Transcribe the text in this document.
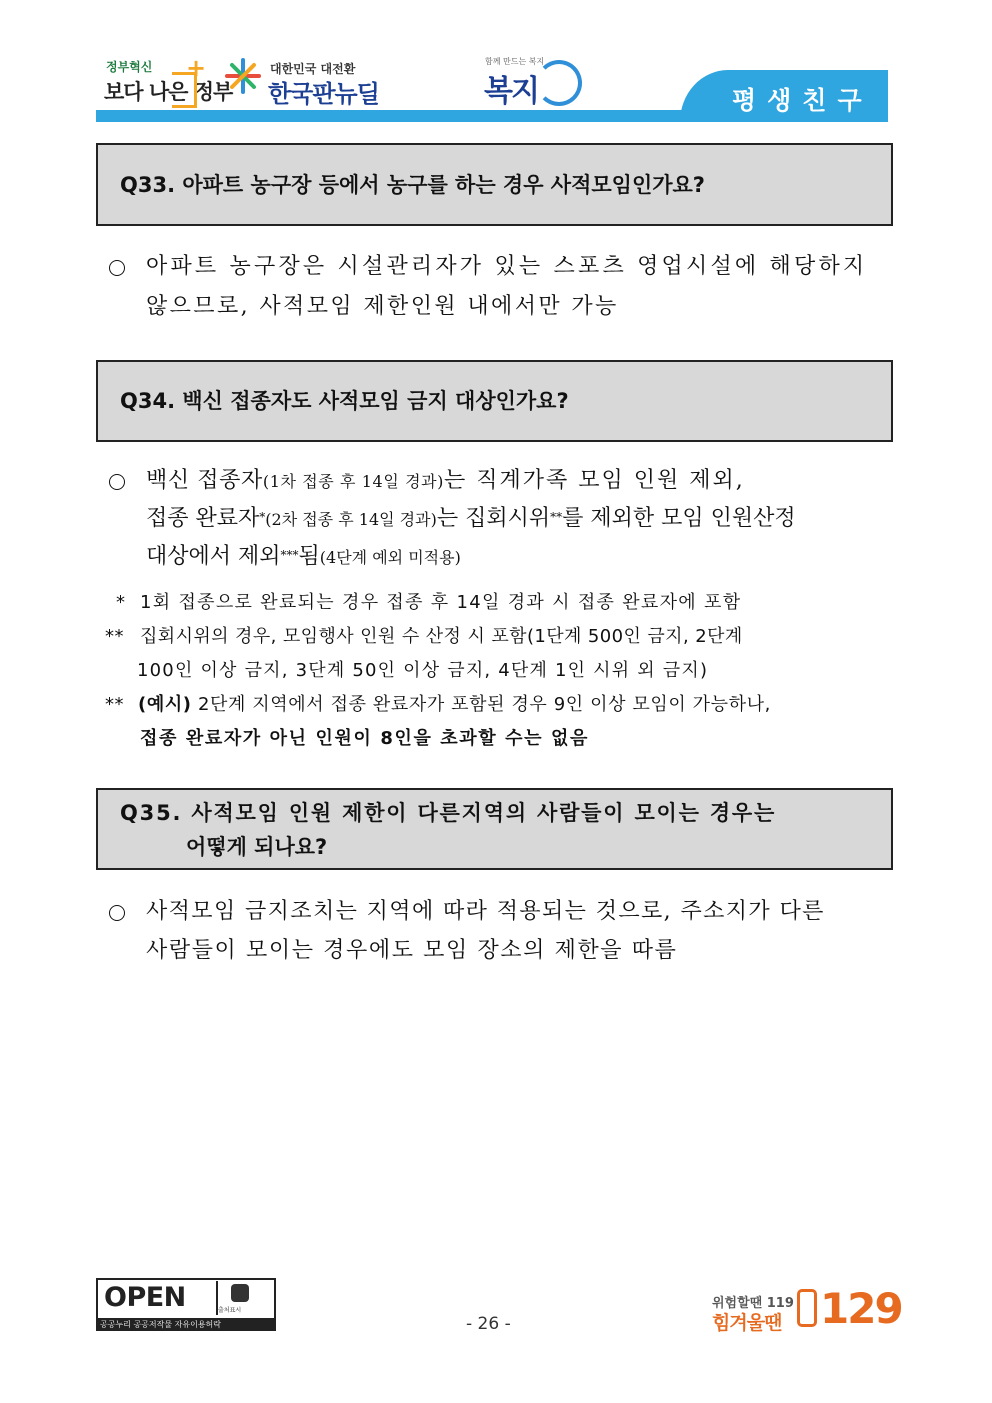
정부혁신
보다 나은 정부
+	대한민국 대전환
한국판뉴딜
함께 만드는 복지
복지	평생친구
Q33. 아파트 농구장 등에서 농구를 하는 경우 사적모임인가요?
아파트 농구장은 시설관리자가 있는 스포츠 영업시설에 해당하지
않으므로, 사적모임 제한인원 내에서만 가능
Q34. 백신 접종자도 사적모임 금지 대상인가요?
백신 접종자(1차 접종 후 14일 경과)는 직계가족 모임 인원 제외,
접종 완료자*(2차 접종 후 14일 경과)는 집회시위**를 제외한 모임 인원산정
대상에서 제외***됨(4단계 예외 미적용)
* 1회 접종으로 완료되는 경우 접종 후 14일 경과 시 접종 완료자에 포함
** 집회시위의 경우, 모임행사 인원 수 산정 시 포함(1단계 500인 금지, 2단계
100인 이상 금지, 3단계 50인 이상 금지, 4단계 1인 시위 외 금지)
** (예시) 2단계 지역에서 접종 완료자가 포함된 경우 9인 이상 모임이 가능하나,
접종 완료자가 아닌 인원이 8인을 초과할 수는 없음
Q35. 사적모임 인원 제한이 다른지역의 사람들이 모이는 경우는
어떻게 되나요?
사적모임 금지조치는 지역에 따라 적용되는 것으로, 주소지가 다른
사람들이 모이는 경우에도 모임 장소의 제한을 따름
OPEN	출처표시
공공누리 공공저작물 자유이용허락	- 26 -
위험할땐 119
힘겨울땐 129
